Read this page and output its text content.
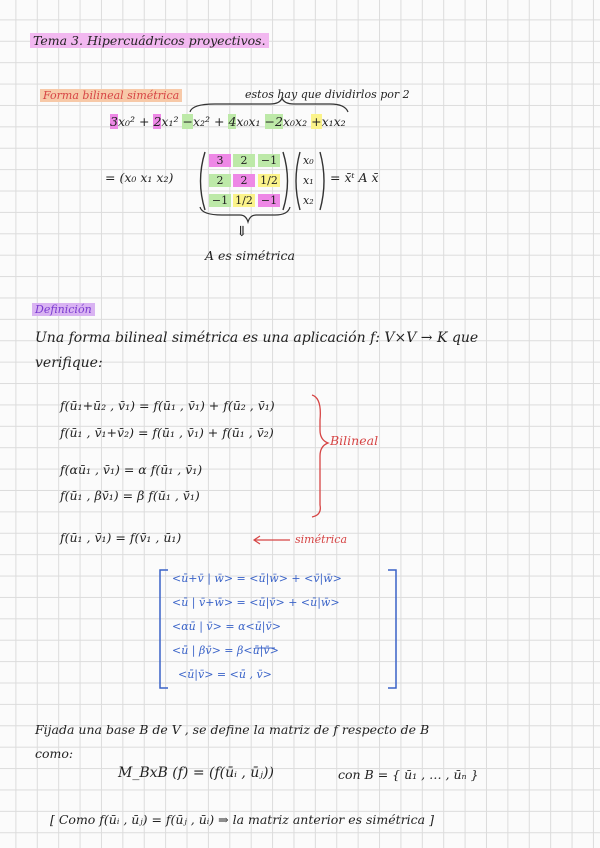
Tema 3. Hipercuádricos proyectivos.
Forma bilineal simétrica	estos hay que dividirlos por 2
3x₀² + 2x₁² −x₂² + 4x₀x₁ −2x₀x₂ +x₁x₂
= (x₀ x₁ x₂)
3	2	−1
2	2	1/2
−1 1/2 −1
x₀
x₁
x₂
= x̄ᵗ A x̄
⇓
A es simétrica
Definición
Una forma bilineal simétrica es una aplicación f: V×V → K que
verifique:
f(ū₁+ū₂ , v̄₁) = f(ū₁ , v̄₁) + f(ū₂ , v̄₁)
f(ū₁ , v̄₁+v̄₂) = f(ū₁ , v̄₁) + f(ū₁ , v̄₂)
f(αū₁ , v̄₁) = α f(ū₁ , v̄₁)
f(ū₁ , βv̄₁) = β f(ū₁ , v̄₁)
Bilineal
f(ū₁ , v̄₁) = f(v̄₁ , ū₁)	simétrica
<ū+v̄ | w̄> = <ū|w̄> + <v̄|w̄>
<ū | v̄+w̄> = <ū|v̄> + <ū|w̄>
<αū | v̄> = α<ū|v̄>
<ū | βv̄> = β<ū|v̄>
<ū|v̄> = <ū , v̄>
Fijada una base B de V , se define la matriz de f respecto de B
como:
M_BxB (f) = (f(ūᵢ , ūⱼ))	con B = { ū₁ , … , ūₙ }
[ Como f(ūᵢ , ūⱼ) = f(ūⱼ , ūᵢ) ⇒ la matriz anterior es simétrica ]
